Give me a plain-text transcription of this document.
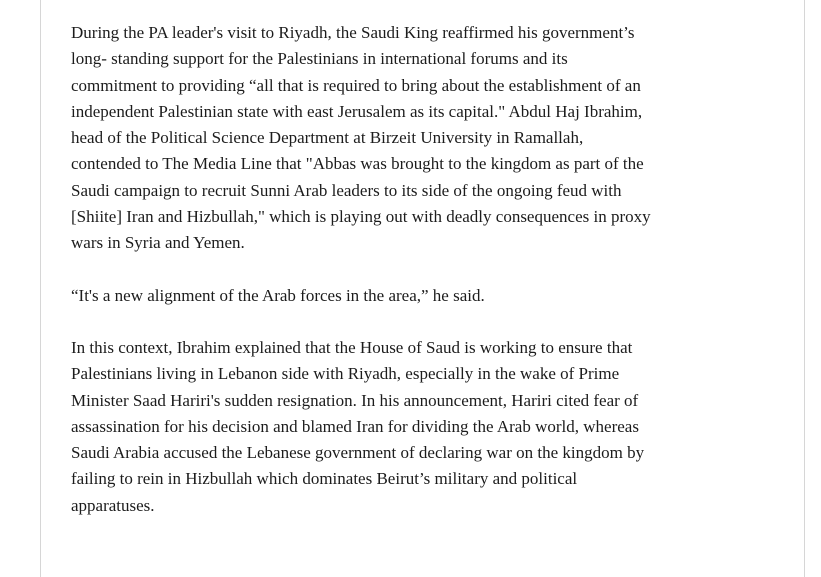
During the PA leader's visit to Riyadh, the Saudi King reaffirmed his government’s
long- standing support for the Palestinians in international forums and its
commitment to providing “all that is required to bring about the establishment of an
independent Palestinian state with east Jerusalem as its capital." Abdul Haj Ibrahim,
head of the Political Science Department at Birzeit University in Ramallah,
contended to The Media Line that "Abbas was brought to the kingdom as part of the
Saudi campaign to recruit Sunni Arab leaders to its side of the ongoing feud with
[Shiite] Iran and Hizbullah," which is playing out with deadly consequences in proxy
wars in Syria and Yemen.

“It's a new alignment of the Arab forces in the area,” he said.

In this context, Ibrahim explained that the House of Saud is working to ensure that
Palestinians living in Lebanon side with Riyadh, especially in the wake of Prime
Minister Saad Hariri's sudden resignation. In his announcement, Hariri cited fear of
assassination for his decision and blamed Iran for dividing the Arab world, whereas
Saudi Arabia accused the Lebanese government of declaring war on the kingdom by
failing to rein in Hizbullah which dominates Beirut’s military and political
apparatuses.
